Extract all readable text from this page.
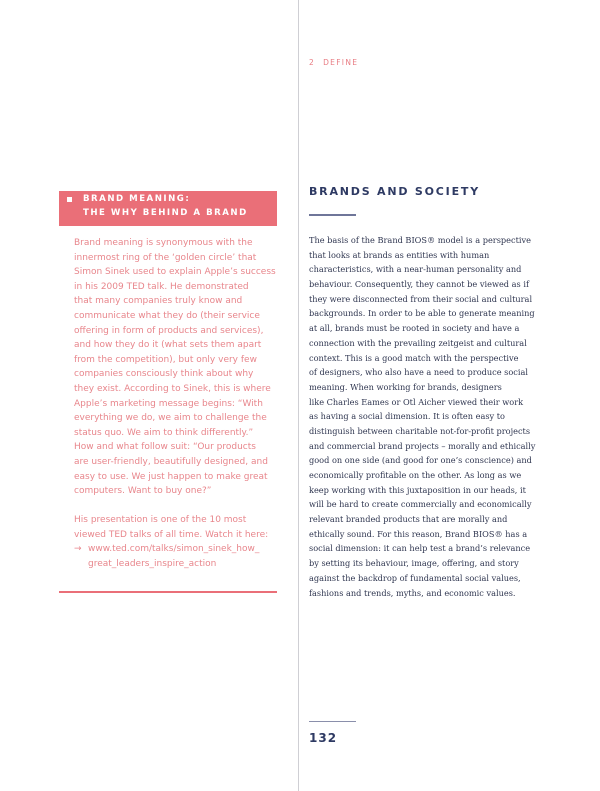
2 DEFINE
BRAND MEANING:
THE WHY BEHIND A BRAND
Brand meaning is synonymous with the
innermost ring of the ‘golden circle’ that
Simon Sinek used to explain Apple’s success
in his 2009 TED talk. He demonstrated
that many companies truly know and
communicate what they do (their service
offering in form of products and services),
and how they do it (what sets them apart
from the competition), but only very few
companies consciously think about why
they exist. According to Sinek, this is where
Apple’s marketing message begins: “With
everything we do, we aim to challenge the
status quo. We aim to think differently.”
How and what follow suit: “Our products
are user-friendly, beautifully designed, and
easy to use. We just happen to make great
computers. Want to buy one?”
His presentation is one of the 10 most
viewed TED talks of all time. Watch it here:
→ www.ted.com/talks/simon_sinek_how_
great_leaders_inspire_action
BRANDS AND SOCIETY
The basis of the Brand BIOS® model is a perspective
that looks at brands as entities with human
characteristics, with a near-human personality and
behaviour. Consequently, they cannot be viewed as if
they were disconnected from their social and cultural
backgrounds. In order to be able to generate meaning
at all, brands must be rooted in society and have a
connection with the prevailing zeitgeist and cultural
context. This is a good match with the perspective
of designers, who also have a need to produce social
meaning. When working for brands, designers
like Charles Eames or Otl Aicher viewed their work
as having a social dimension. It is often easy to
distinguish between charitable not-for-profit projects
and commercial brand projects – morally and ethically
good on one side (and good for one’s conscience) and
economically profitable on the other. As long as we
keep working with this juxtaposition in our heads, it
will be hard to create commercially and economically
relevant branded products that are morally and
ethically sound. For this reason, Brand BIOS® has a
social dimension: it can help test a brand’s relevance
by setting its behaviour, image, offering, and story
against the backdrop of fundamental social values,
fashions and trends, myths, and economic values.
132
